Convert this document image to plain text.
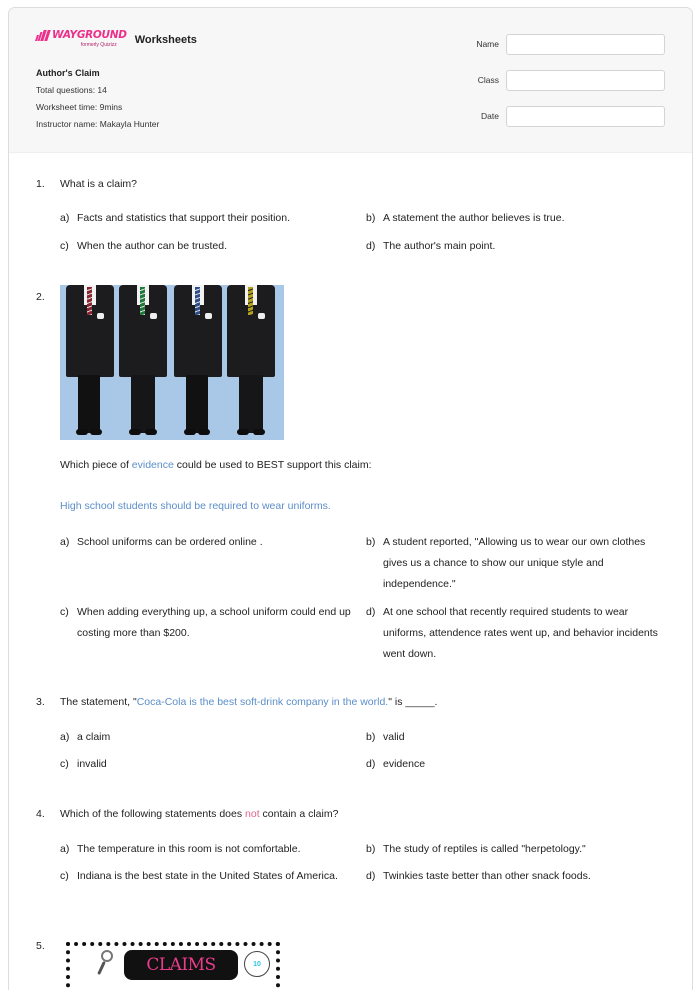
WAYGROUND
formerly Quizizz Worksheets
Author's Claim
Total questions: 14
Worksheet time: 9mins
Instructor name: Makayla Hunter
Name
Class
Date
1. What is a claim?
a) Facts and statistics that support their position.	b) A statement the author believes is true.
c) When the author can be trusted.	d) The author's main point.
2.
Which piece of evidence could be used to BEST support this claim:
High school students should be required to wear uniforms.
a) School uniforms can be ordered online .	b) A student reported, "Allowing us to wear our own clothes gives us a chance to show our unique style and independence."
c) When adding everything up, a school uniform could end up costing more than $200.
d) At one school that recently required students to wear uniforms, attendence rates went up, and behavior incidents went down.
3. The statement, "Coca-Cola is the best soft-drink company in the world." is _____.
a) a claim	b) valid
c) invalid	d) evidence
4. Which of the following statements does not contain a claim?
a) The temperature in this room is not comfortable.	b) The study of reptiles is called "herpetology."
c) Indiana is the best state in the United States of America.	d) Twinkies taste better than other snack foods.
5.
CLAIMS	10
